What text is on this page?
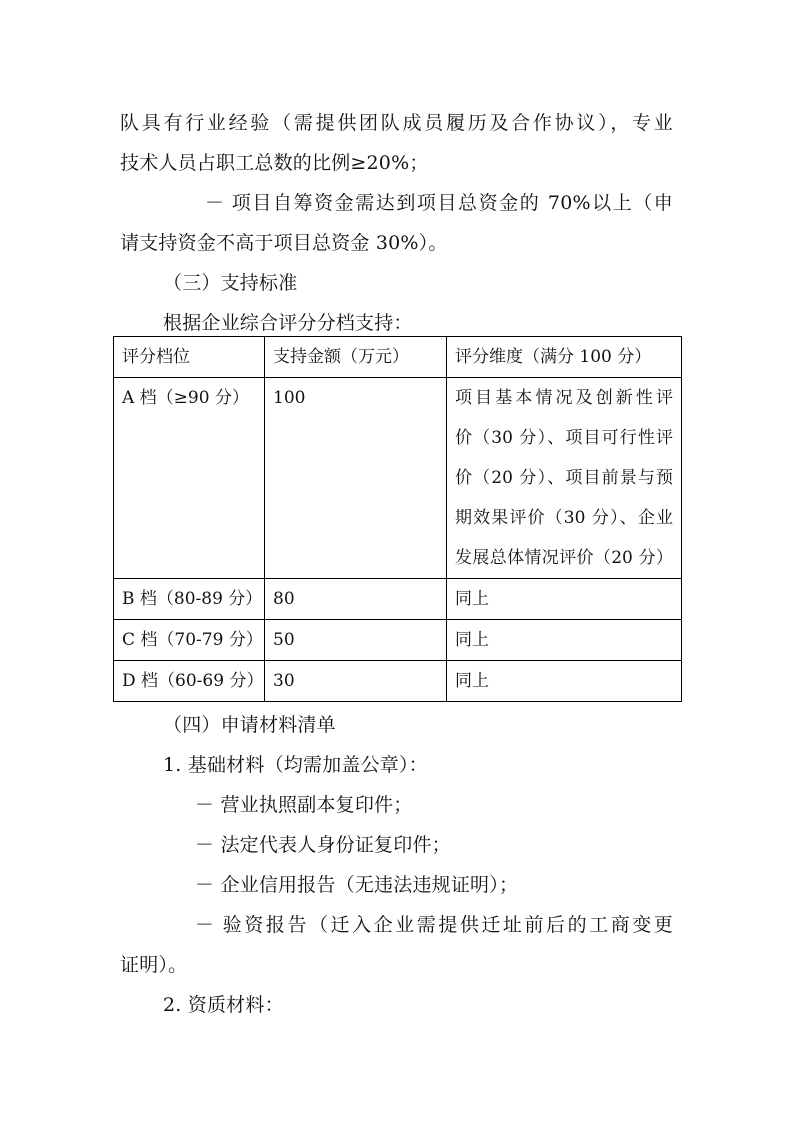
队具有行业经验（需提供团队成员履历及合作协议），专业
技术人员占职工总数的比例≥20%；
－ 项目自筹资金需达到项目总资金的 70%以上（申
请支持资金不高于项目总资金 30%）。
（三）支持标准
根据企业综合评分分档支持：
评分档位	支持金额（万元）	评分维度（满分 100 分）

A 档（≥90 分）	100	项目基本情况及创新性评
价（30 分）、项目可行性评
价（20 分）、项目前景与预
期效果评价（30 分）、企业
发展总体情况评价（20 分）

B 档（80-89 分）	80	同上
C 档（70-79 分）	50	同上
D 档（60-69 分）	30	同上
（四）申请材料清单
1. 基础材料（均需加盖公章）：
－ 营业执照副本复印件；
－ 法定代表人身份证复印件；
－ 企业信用报告（无违法违规证明）；
－ 验资报告（迁入企业需提供迁址前后的工商变更
证明）。
2. 资质材料：
